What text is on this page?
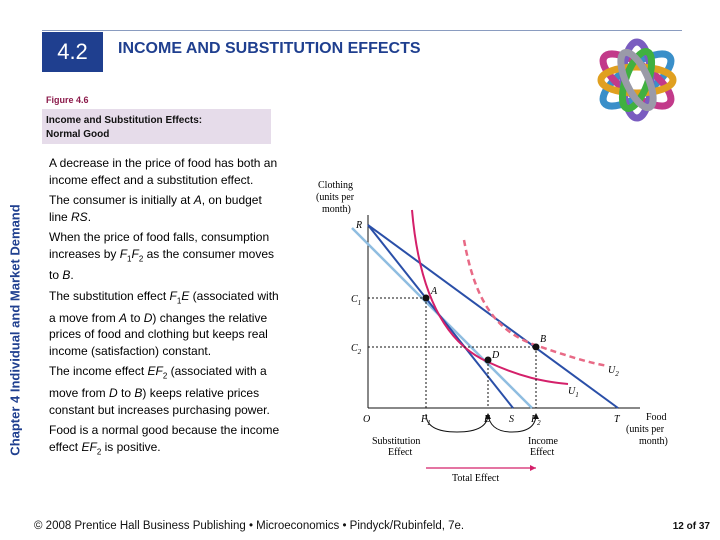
Chapter 4 Individual and Market Demand
4.2	INCOME AND SUBSTITUTION EFFECTS
Figure 4.6
Income and Substitution Effects:
Normal Good

A decrease in the price of food has both an income effect and a substitution effect.

The consumer is initially at A, on budget line RS.

When the price of food falls, consumption increases by $F_1F_2$ as the consumer moves to B.

The substitution effect $F_1E$ (associated with a move from A to D) changes the relative prices of food and clothing but keeps real income (satisfaction) constant.

The income effect $EF_2$ (associated with a move from D to B) keeps relative prices constant but increases purchasing power.

Food is a normal good because the income effect $EF_2$ is positive.

Clothing
(units per
month)
Food
(units per
month)
A
B
D
R
$C_1$
$C_2$
O	$F_1$	E S $F_2$	T
$U_1$
$U_2$
Substitution
Effect
Income
Effect
Total Effect
© 2008 Prentice Hall Business Publishing • Microeconomics • Pindyck/Rubinfeld, 7e.	12 of 37
